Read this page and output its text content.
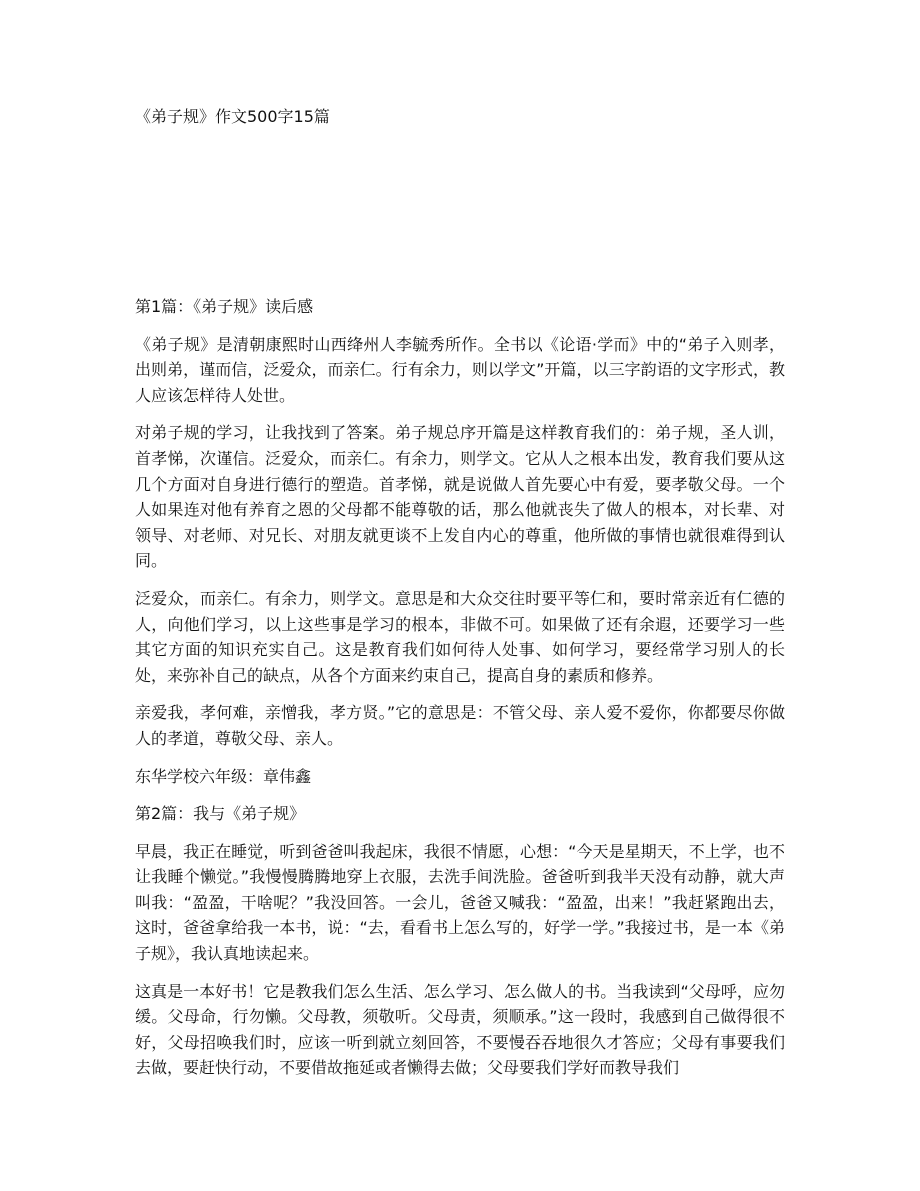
《弟子规》作文500字15篇

第1篇：《弟子规》读后感

《弟子规》是清朝康熙时山西绛州人李毓秀所作。全书以《论语·学而》中的“弟子入则孝，出则弟，谨而信，泛爱众，而亲仁。行有余力，则以学文”开篇，以三字韵语的文字形式，教人应该怎样待人处世。

对弟子规的学习，让我找到了答案。弟子规总序开篇是这样教育我们的：弟子规，圣人训，首孝悌，次谨信。泛爱众，而亲仁。有余力，则学文。它从人之根本出发，教育我们要从这几个方面对自身进行德行的塑造。首孝悌，就是说做人首先要心中有爱，要孝敬父母。一个人如果连对他有养育之恩的父母都不能尊敬的话，那么他就丧失了做人的根本，对长辈、对领导、对老师、对兄长、对朋友就更谈不上发自内心的尊重，他所做的事情也就很难得到认同。

泛爱众，而亲仁。有余力，则学文。意思是和大众交往时要平等仁和，要时常亲近有仁德的人，向他们学习，以上这些事是学习的根本，非做不可。如果做了还有余遐，还要学习一些其它方面的知识充实自己。这是教育我们如何待人处事、如何学习，要经常学习别人的长处，来弥补自己的缺点，从各个方面来约束自己，提高自身的素质和修养。

亲爱我，孝何难，亲憎我，孝方贤。”它的意思是：不管父母、亲人爱不爱你，你都要尽你做人的孝道，尊敬父母、亲人。

东华学校六年级：章伟鑫

第2篇：我与《弟子规》

早晨，我正在睡觉，听到爸爸叫我起床，我很不情愿，心想：“今天是星期天，不上学，也不让我睡个懒觉。”我慢慢腾腾地穿上衣服，去洗手间洗脸。爸爸听到我半天没有动静，就大声叫我：“盈盈，干啥呢？”我没回答。一会儿，爸爸又喊我：“盈盈，出来！”我赶紧跑出去，这时，爸爸拿给我一本书，说：“去，看看书上怎么写的，好学一学。”我接过书，是一本《弟子规》，我认真地读起来。

这真是一本好书！它是教我们怎么生活、怎么学习、怎么做人的书。当我读到“父母呼，应勿缓。父母命，行勿懒。父母教，须敬听。父母责，须顺承。”这一段时，我感到自己做得很不好，父母招唤我们时，应该一听到就立刻回答，不要慢吞吞地很久才答应；父母有事要我们去做，要赶快行动，不要借故拖延或者懒得去做；父母要我们学好而教导我们
